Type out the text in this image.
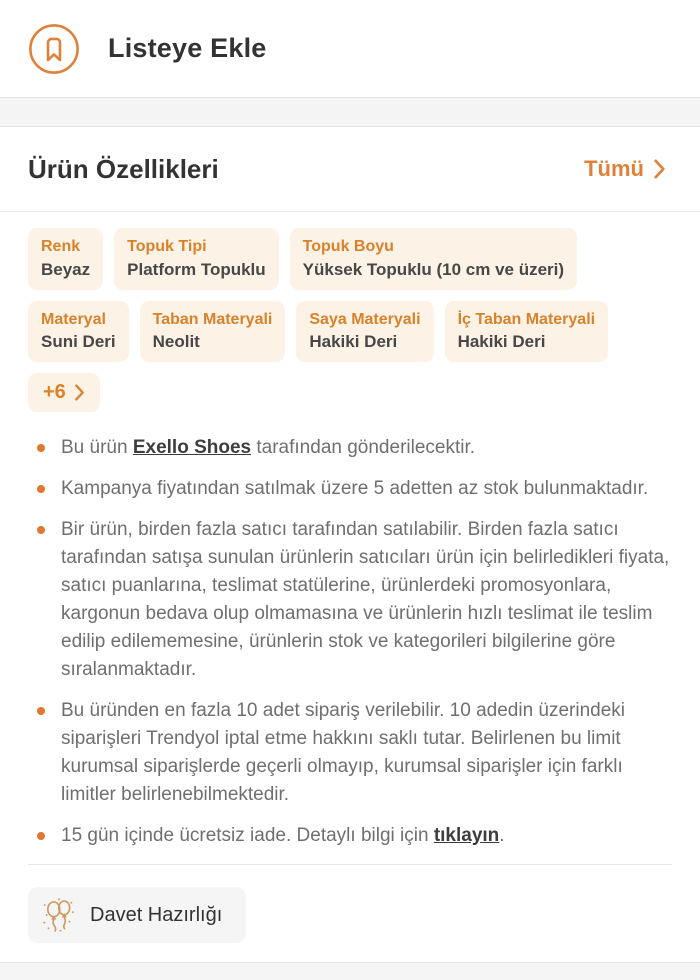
Listeye Ekle
Ürün Özellikleri	Tümü
Renk
Beyaz
Topuk Tipi
Platform Topuklu
Topuk Boyu
Yüksek Topuklu (10 cm ve üzeri)
Materyal
Suni Deri
Taban Materyali
Neolit
Saya Materyali
Hakiki Deri
İç Taban Materyali
Hakiki Deri
+6
Bu ürün Exello Shoes tarafından gönderilecektir.
Kampanya fiyatından satılmak üzere 5 adetten az stok bulunmaktadır.
Bir ürün, birden fazla satıcı tarafından satılabilir. Birden fazla satıcı tarafından satışa sunulan ürünlerin satıcıları ürün için belirledikleri fiyata, satıcı puanlarına, teslimat statülerine, ürünlerdeki promosyonlara, kargonun bedava olup olmamasına ve ürünlerin hızlı teslimat ile teslim edilip edilememesine, ürünlerin stok ve kategorileri bilgilerine göre sıralanmaktadır.
Bu üründen en fazla 10 adet sipariş verilebilir. 10 adedin üzerindeki siparişleri Trendyol iptal etme hakkını saklı tutar. Belirlenen bu limit kurumsal siparişlerde geçerli olmayıp, kurumsal siparişler için farklı limitler belirlenebilmektedir.
15 gün içinde ücretsiz iade. Detaylı bilgi için tıklayın.
Davet Hazırlığı
